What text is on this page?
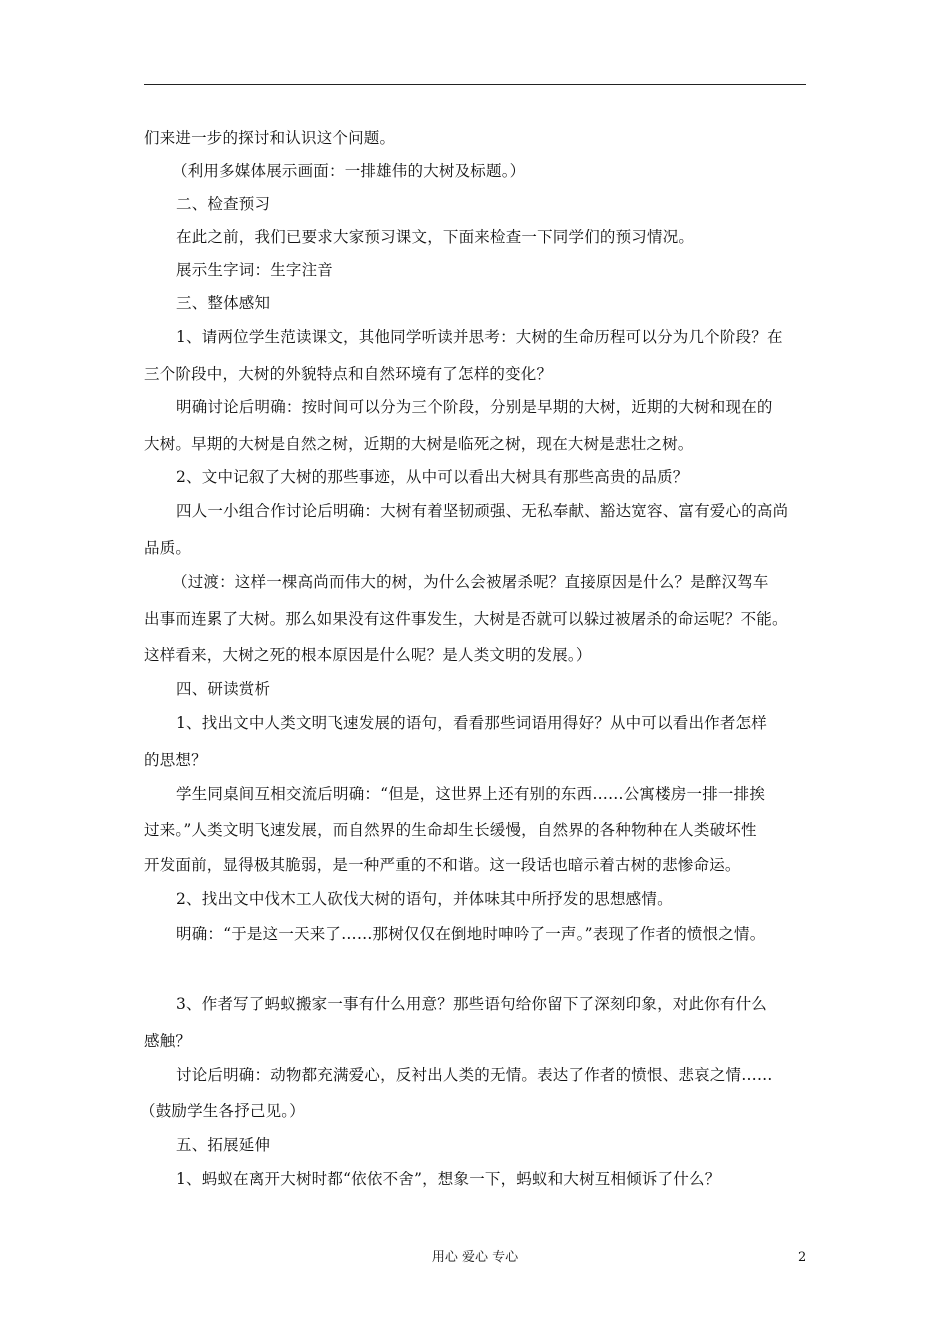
们来进一步的探讨和认识这个问题。
（利用多媒体展示画面：一排雄伟的大树及标题。）
二、检查预习
在此之前，我们已要求大家预习课文，下面来检查一下同学们的预习情况。
展示生字词：生字注音
三、整体感知
1、请两位学生范读课文，其他同学听读并思考：大树的生命历程可以分为几个阶段？在
三个阶段中，大树的外貌特点和自然环境有了怎样的变化？
明确讨论后明确：按时间可以分为三个阶段，分别是早期的大树，近期的大树和现在的
大树。早期的大树是自然之树，近期的大树是临死之树，现在大树是悲壮之树。
2、文中记叙了大树的那些事迹，从中可以看出大树具有那些高贵的品质？
四人一小组合作讨论后明确：大树有着坚韧顽强、无私奉献、豁达宽容、富有爱心的高尚
品质。
（过渡：这样一棵高尚而伟大的树，为什么会被屠杀呢？直接原因是什么？是醉汉驾车
出事而连累了大树。那么如果没有这件事发生，大树是否就可以躲过被屠杀的命运呢？不能。
这样看来，大树之死的根本原因是什么呢？是人类文明的发展。）
四、研读赏析
1、找出文中人类文明飞速发展的语句，看看那些词语用得好？从中可以看出作者怎样
的思想？
学生同桌间互相交流后明确：“但是，这世界上还有别的东西……公寓楼房一排一排挨
过来。”人类文明飞速发展，而自然界的生命却生长缓慢，自然界的各种物种在人类破坏性
开发面前，显得极其脆弱，是一种严重的不和谐。这一段话也暗示着古树的悲惨命运。
2、找出文中伐木工人砍伐大树的语句，并体味其中所抒发的思想感情。
明确：“于是这一天来了……那树仅仅在倒地时呻吟了一声。”表现了作者的愤恨之情。
3、作者写了蚂蚁搬家一事有什么用意？那些语句给你留下了深刻印象，对此你有什么
感触？
讨论后明确：动物都充满爱心，反衬出人类的无情。表达了作者的愤恨、悲哀之情……
（鼓励学生各抒己见。）
五、拓展延伸
1、蚂蚁在离开大树时都“依依不舍”，想象一下，蚂蚁和大树互相倾诉了什么？
用心 爱心 专心	2
